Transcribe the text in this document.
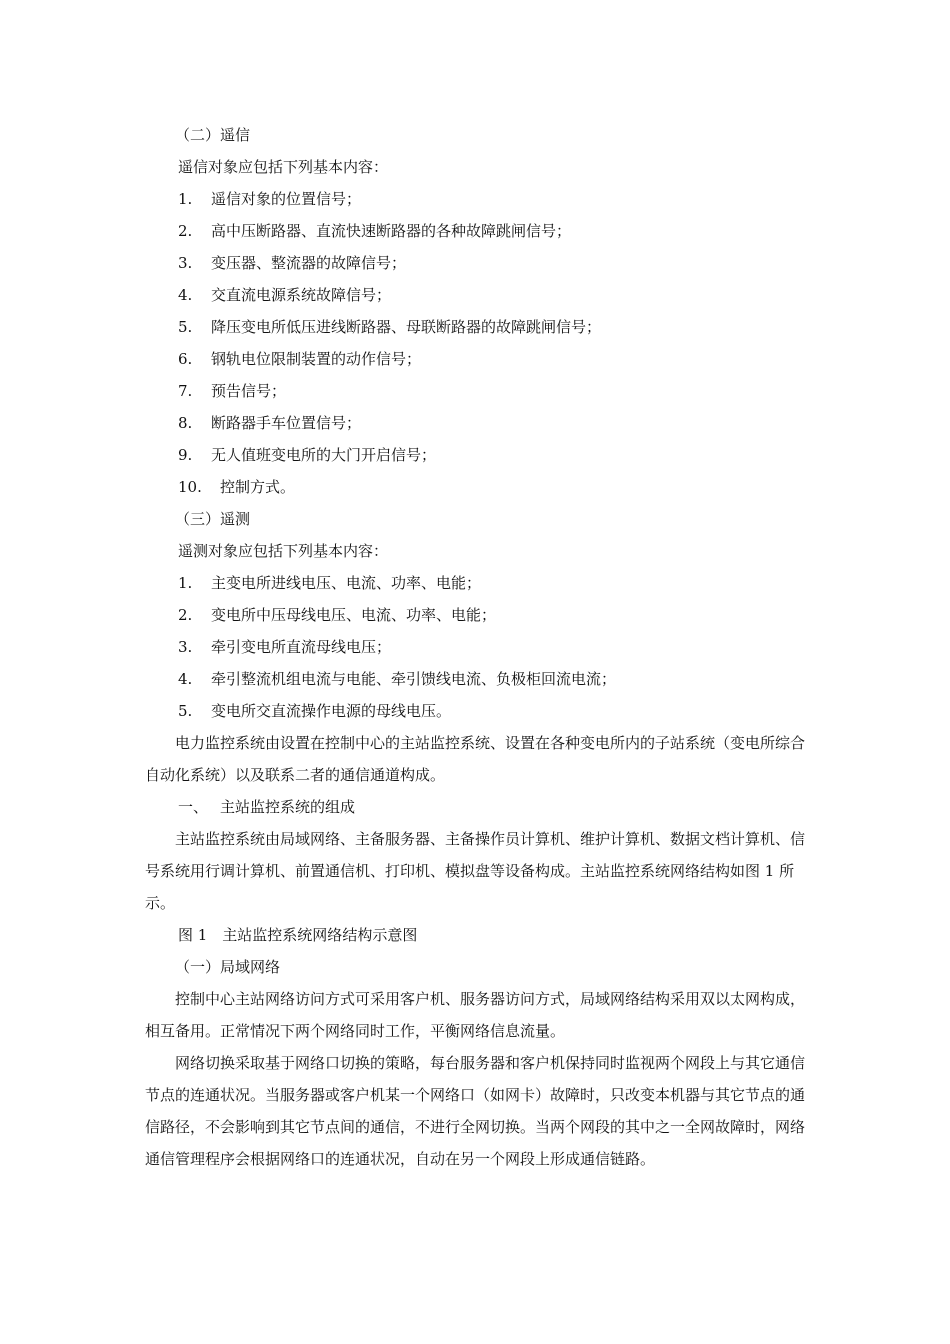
（二）遥信
遥信对象应包括下列基本内容：
1. 遥信对象的位置信号；
2. 高中压断路器、直流快速断路器的各种故障跳闸信号；
3. 变压器、整流器的故障信号；
4. 交直流电源系统故障信号；
5. 降压变电所低压进线断路器、母联断路器的故障跳闸信号；
6. 钢轨电位限制装置的动作信号；
7. 预告信号；
8. 断路器手车位置信号；
9. 无人值班变电所的大门开启信号；
10. 控制方式。
（三）遥测
遥测对象应包括下列基本内容：
1. 主变电所进线电压、电流、功率、电能；
2. 变电所中压母线电压、电流、功率、电能；
3. 牵引变电所直流母线电压；
4. 牵引整流机组电流与电能、牵引馈线电流、负极柜回流电流；
5. 变电所交直流操作电源的母线电压。

电力监控系统由设置在控制中心的主站监控系统、设置在各种变电所内的子站系统（变电所综合自动化系统）以及联系二者的通信通道构成。

一、 主站监控系统的组成

主站监控系统由局域网络、主备服务器、主备操作员计算机、维护计算机、数据文档计算机、信号系统用行调计算机、前置通信机、打印机、模拟盘等设备构成。主站监控系统网络结构如图 1 所示。

图 1　主站监控系统网络结构示意图
（一）局域网络

控制中心主站网络访问方式可采用客户机、服务器访问方式，局域网络结构采用双以太网构成，相互备用。正常情况下两个网络同时工作，平衡网络信息流量。

网络切换采取基于网络口切换的策略，每台服务器和客户机保持同时监视两个网段上与其它通信节点的连通状况。当服务器或客户机某一个网络口（如网卡）故障时，只改变本机器与其它节点的通信路径，不会影响到其它节点间的通信，不进行全网切换。当两个网段的其中之一全网故障时，网络通信管理程序会根据网络口的连通状况，自动在另一个网段上形成通信链路。
